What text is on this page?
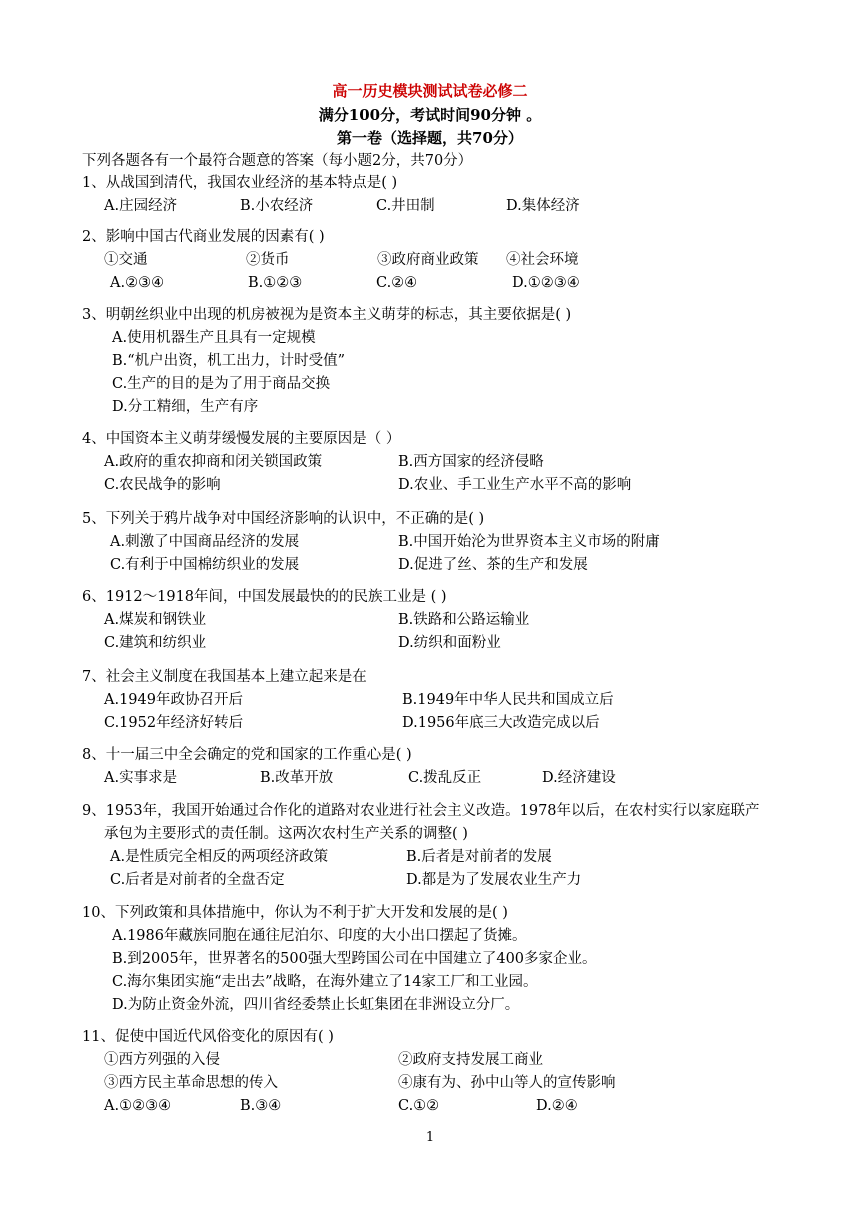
高一历史模块测试试卷必修二
满分100分，考试时间90分钟 。
第一卷（选择题，共70分）
下列各题各有一个最符合题意的答案（每小题2分，共70分）
1、从战国到清代，我国农业经济的基本特点是( )
A.庄园经济	B.小农经济	C.井田制	D.集体经济
2、影响中国古代商业发展的因素有( )
①交通	②货币	③政府商业政策 ④社会环境
A.②③④	B.①②③	C.②④	D.①②③④
3、明朝丝织业中出现的机房被视为是资本主义萌芽的标志，其主要依据是( )
A.使用机器生产且具有一定规模
B.“机户出资，机工出力，计时受值”
C.生产的目的是为了用于商品交换
D.分工精细，生产有序
4、中国资本主义萌芽缓慢发展的主要原因是（ ）
A.政府的重农抑商和闭关锁国政策	B.西方国家的经济侵略
C.农民战争的影响	D.农业、手工业生产水平不高的影响
5、下列关于鸦片战争对中国经济影响的认识中，不正确的是( )
A.刺激了中国商品经济的发展	B.中国开始沦为世界资本主义市场的附庸
C.有利于中国棉纺织业的发展	D.促进了丝、茶的生产和发展
6、1912～1918年间，中国发展最快的的民族工业是 ( )
A.煤炭和钢铁业	B.铁路和公路运输业
C.建筑和纺织业	D.纺织和面粉业
7、社会主义制度在我国基本上建立起来是在
A.1949年政协召开后	B.1949年中华人民共和国成立后
C.1952年经济好转后	D.1956年底三大改造完成以后
8、十一届三中全会确定的党和国家的工作重心是( )
A.实事求是	B.改革开放	C.拨乱反正	D.经济建设
9、1953年，我国开始通过合作化的道路对农业进行社会主义改造。1978年以后，在农村实行以家庭联产
承包为主要形式的责任制。这两次农村生产关系的调整( )
A.是性质完全相反的两项经济政策	B.后者是对前者的发展
C.后者是对前者的全盘否定	D.都是为了发展农业生产力
10、下列政策和具体措施中，你认为不利于扩大开发和发展的是( )
A.1986年藏族同胞在通往尼泊尔、印度的大小出口摆起了货摊。
B.到2005年，世界著名的500强大型跨国公司在中国建立了400多家企业。
C.海尔集团实施“走出去”战略，在海外建立了14家工厂和工业园。
D.为防止资金外流，四川省经委禁止长虹集团在非洲设立分厂。
11、促使中国近代风俗变化的原因有( )
①西方列强的入侵	②政府支持发展工商业
③西方民主革命思想的传入	④康有为、孙中山等人的宣传影响
A.①②③④	B.③④	C.①②	D.②④
1
